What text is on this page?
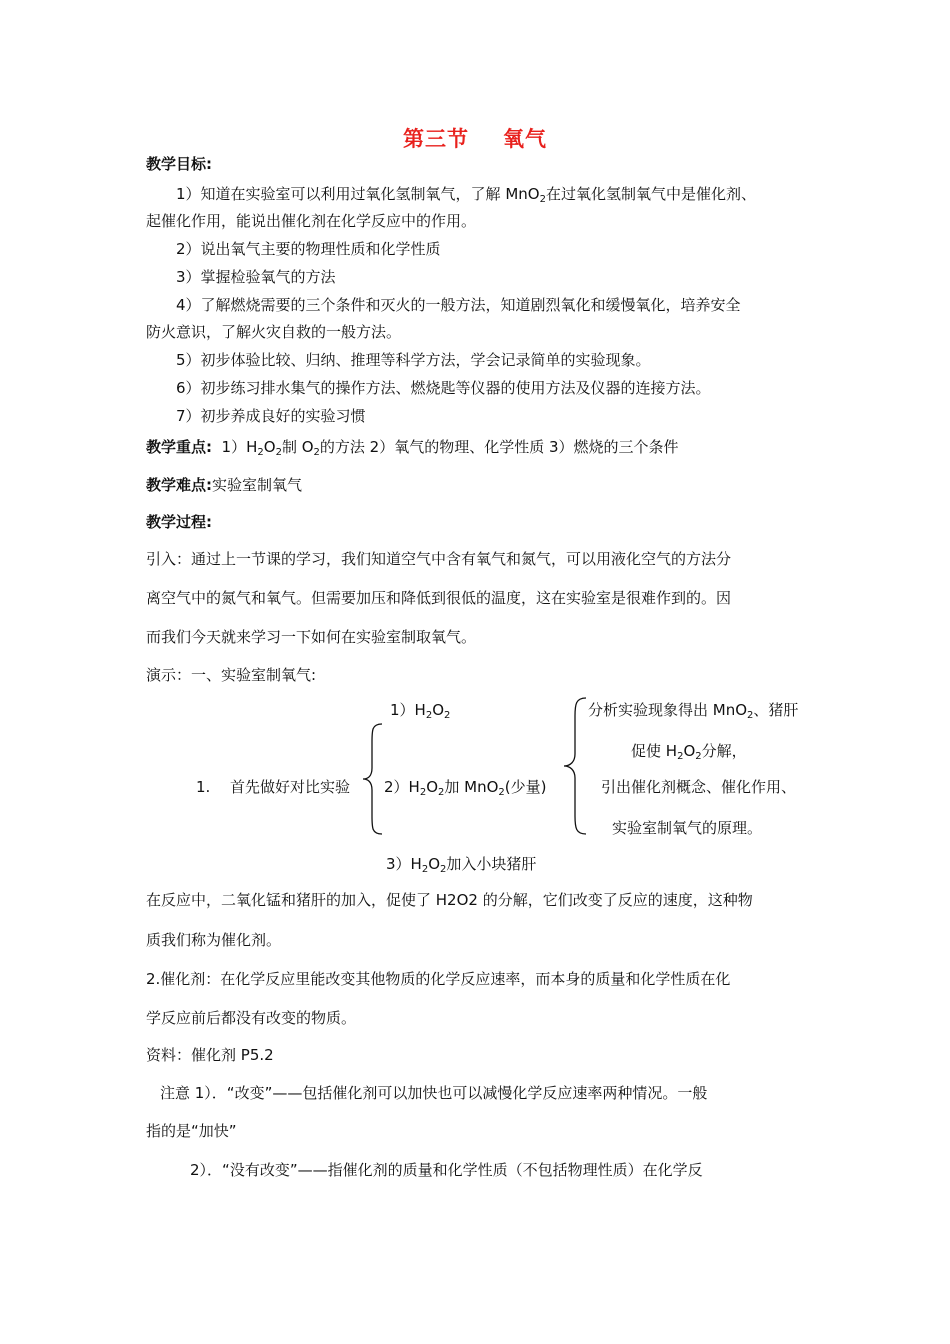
第三节 氧气
教学目标:
1）知道在实验室可以利用过氧化氢制氧气，了解 MnO$_2$在过氧化氢制氧气中是催化剂、
起催化作用，能说出催化剂在化学反应中的作用。
2）说出氧气主要的物理性质和化学性质
3）掌握检验氧气的方法
4）了解燃烧需要的三个条件和灭火的一般方法，知道剧烈氧化和缓慢氧化，培养安全
防火意识，了解火灾自救的一般方法。
5）初步体验比较、归纳、推理等科学方法，学会记录简单的实验现象。
6）初步练习排水集气的操作方法、燃烧匙等仪器的使用方法及仪器的连接方法。
7）初步养成良好的实验习惯
教学重点: $1)H_2O_2$制 $O_2$的方法 2）氧气的物理、化学性质 3）燃烧的三个条件
教学难点:实验室制氧气
教学过程:
引入：通过上一节课的学习，我们知道空气中含有氧气和氮气，可以用液化空气的方法分
离空气中的氮气和氧气。但需要加压和降低到很低的温度，这在实验室是很难作到的。因
而我们今天就来学习一下如何在实验室制取氧气。
演示：一、实验室制氧气:
$1)H_2O_2$
1. 首先做好对比实验 $2)H_2O_2$加 MnO$_2$(少量)
分析实验现象得出 MnO$_2$、猪肝
促使 $H_2O_2$分解，
引出催化剂概念、催化作用、
实验室制氧气的原理。
$3)H_2O_2$加入小块猪肝
在反应中，二氧化锰和猪肝的加入，促使了 H2O2 的分解，它们改变了反应的速度，这种物
质我们称为催化剂。
2.催化剂：在化学反应里能改变其他物质的化学反应速率，而本身的质量和化学性质在化
学反应前后都没有改变的物质。
资料：催化剂 P5.2
注意 1）．“改变”——包括催化剂可以加快也可以减慢化学反应速率两种情况。一般
指的是“加快”
2）．“没有改变”——指催化剂的质量和化学性质（不包括物理性质）在化学反
